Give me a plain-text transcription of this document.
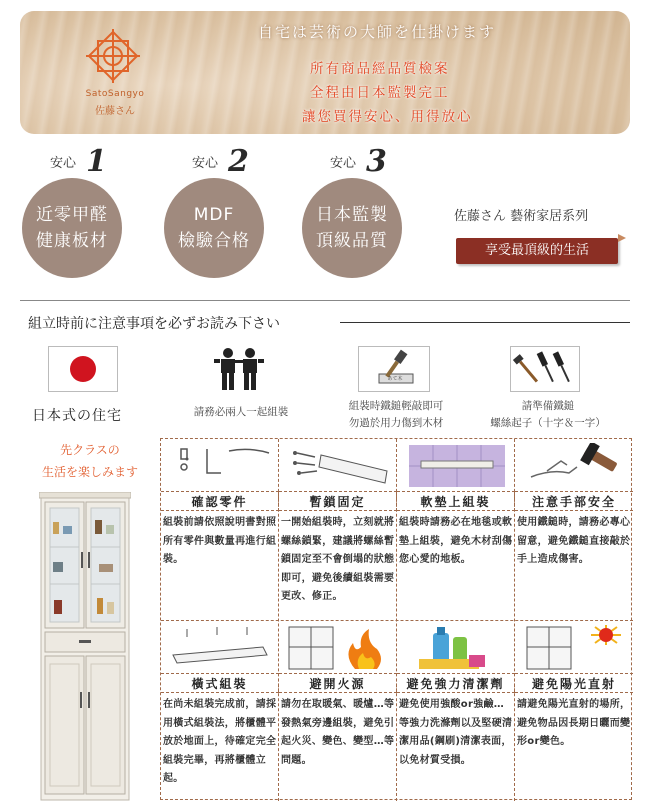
SatoSangyo
佐藤さん
自宅は芸術の大師を仕掛けます
所有商品經品質檢案
全程由日本監製完工
讓您買得安心、用得放心
安心 1
近零甲醛
健康板材
安心 2
MDF
檢驗合格
安心 3
日本監製
頂級品質
佐藤さん 藝術家居系列
享受最頂級的生活
組立時前に注意事項を必ずお読み下さい
あて木
日本式の住宅	請務必兩人一起組裝	組裝時鐵鎚輕敲即可
勿過於用力傷到木材
請準備鐵鎚
螺絲起子（十字＆一字）
先クラスの
生活を楽しみます
確認零件	暫鎖固定	軟墊上組裝	注意手部安全
組裝前請依照說明書對照所有零件與數量再進行組裝。
一開始組裝時，立刻就將螺絲鎖緊，建議將螺絲暫鎖固定至不會倒塌的狀態即可，避免後續組裝需要更改、修正。
組裝時請務必在地毯或軟墊上組裝，避免木材刮傷您心愛的地板。
使用鐵鎚時，請務必專心留意，避免鐵鎚直接敲於手上造成傷害。
橫式組裝	避開火源	避免強力清潔劑	避免陽光直射
在尚未組裝完成前，請採用橫式組裝法，將櫃體平放於地面上，待確定完全組裝完畢，再將櫃體立起。
請勿在取暖氣、暖爐…等發熱氣旁邊組裝，避免引起火災、變色、變型…等問題。
避免使用強酸or強鹼…等強力洗滌劑以及堅硬清潔用品(鋼刷)清潔表面，以免材質受損。
請避免陽光直射的場所，避免物品因長期日曬而變形or變色。
